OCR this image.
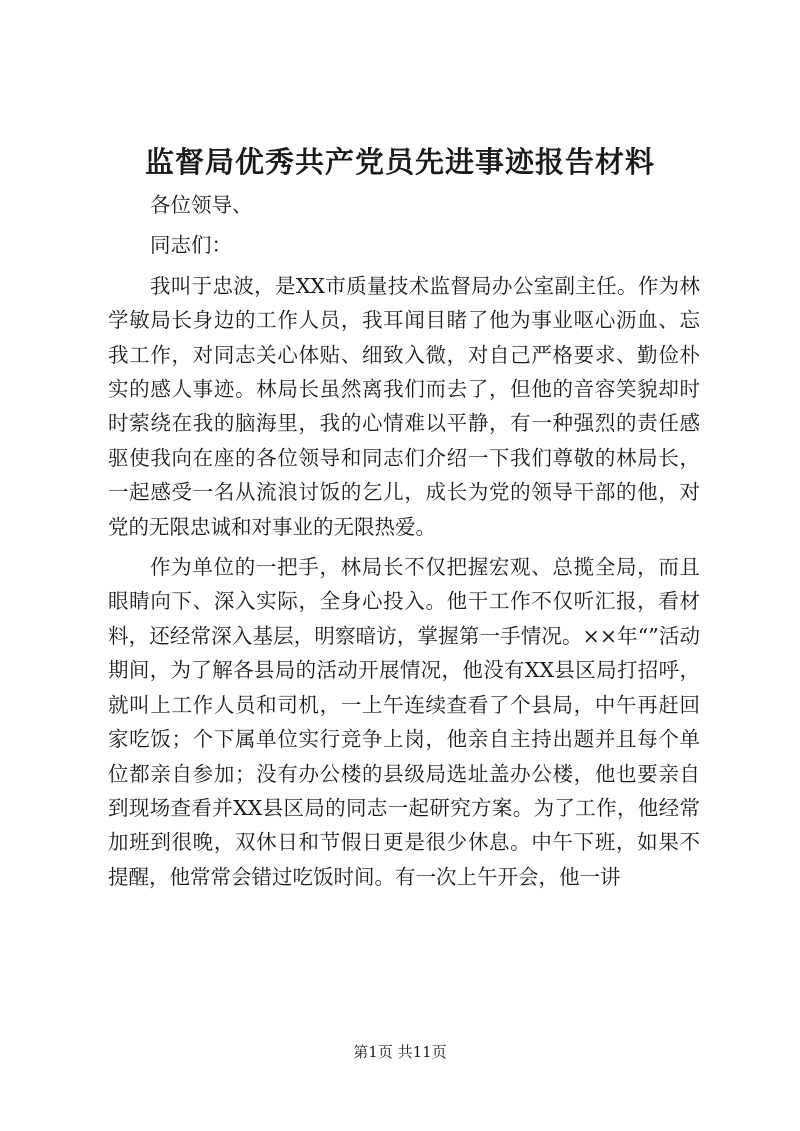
监督局优秀共产党员先进事迹报告材料

各位领导、

同志们：

我叫于忠波，是XX市质量技术监督局办公室副主任。作为林学敏局长身边的工作人员，我耳闻目睹了他为事业呕心沥血、忘我工作，对同志关心体贴、细致入微，对自己严格要求、勤俭朴实的感人事迹。林局长虽然离我们而去了，但他的音容笑貌却时时萦绕在我的脑海里，我的心情难以平静，有一种强烈的责任感驱使我向在座的各位领导和同志们介绍一下我们尊敬的林局长，一起感受一名从流浪讨饭的乞儿，成长为党的领导干部的他，对党的无限忠诚和对事业的无限热爱。

作为单位的一把手，林局长不仅把握宏观、总揽全局，而且眼睛向下、深入实际，全身心投入。他干工作不仅听汇报，看材料，还经常深入基层，明察暗访，掌握第一手情况。××年“”活动期间，为了解各县局的活动开展情况，他没有XX县区局打招呼，就叫上工作人员和司机，一上午连续查看了个县局，中午再赶回家吃饭；个下属单位实行竞争上岗，他亲自主持出题并且每个单位都亲自参加；没有办公楼的县级局选址盖办公楼，他也要亲自到现场查看并XX县区局的同志一起研究方案。为了工作，他经常加班到很晚，双休日和节假日更是很少休息。中午下班，如果不提醒，他常常会错过吃饭时间。有一次上午开会，他一讲

第1页 共11页
